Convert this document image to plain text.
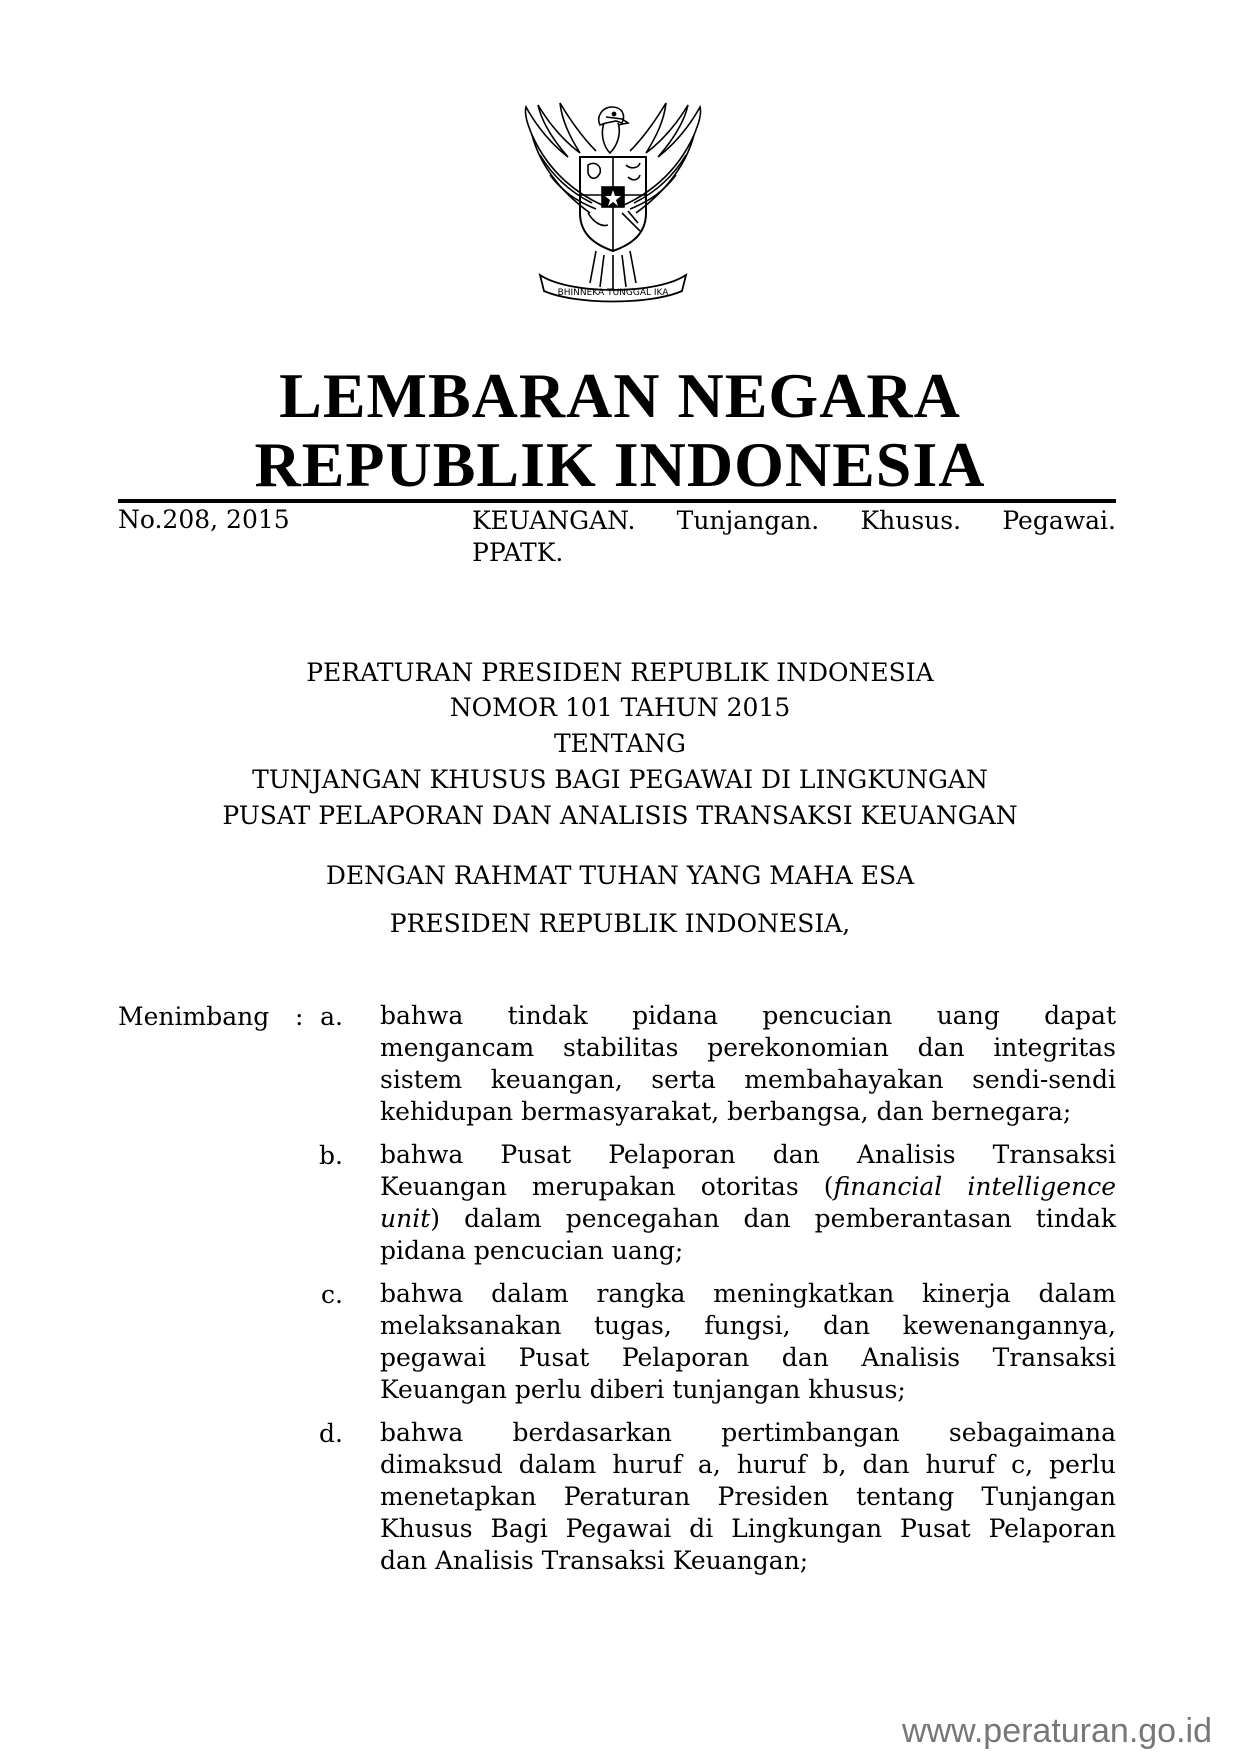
BHINNEKA TUNGGAL IKA
LEMBARAN NEGARA
REPUBLIK INDONESIA
No.208, 2015	KEUANGAN. Tunjangan. Khusus. Pegawai.
PPATK.
PERATURAN PRESIDEN REPUBLIK INDONESIA
NOMOR 101 TAHUN 2015
TENTANG
TUNJANGAN KHUSUS BAGI PEGAWAI DI LINGKUNGAN
PUSAT PELAPORAN DAN ANALISIS TRANSAKSI KEUANGAN
DENGAN RAHMAT TUHAN YANG MAHA ESA
PRESIDEN REPUBLIK INDONESIA,
Menimbang : a. bahwa tindak pidana pencucian uang dapat
mengancam stabilitas perekonomian dan integritas
sistem keuangan, serta membahayakan sendi-sendi
kehidupan bermasyarakat, berbangsa, dan bernegara;
b. bahwa Pusat Pelaporan dan Analisis Transaksi
Keuangan merupakan otoritas (financial intelligence
unit) dalam pencegahan dan pemberantasan tindak
pidana pencucian uang;
c. bahwa dalam rangka meningkatkan kinerja dalam
melaksanakan tugas, fungsi, dan kewenangannya,
pegawai Pusat Pelaporan dan Analisis Transaksi
Keuangan perlu diberi tunjangan khusus;
d. bahwa berdasarkan pertimbangan sebagaimana
dimaksud dalam huruf a, huruf b, dan huruf c, perlu
menetapkan Peraturan Presiden tentang Tunjangan
Khusus Bagi Pegawai di Lingkungan Pusat Pelaporan
dan Analisis Transaksi Keuangan;
www.peraturan.go.id
